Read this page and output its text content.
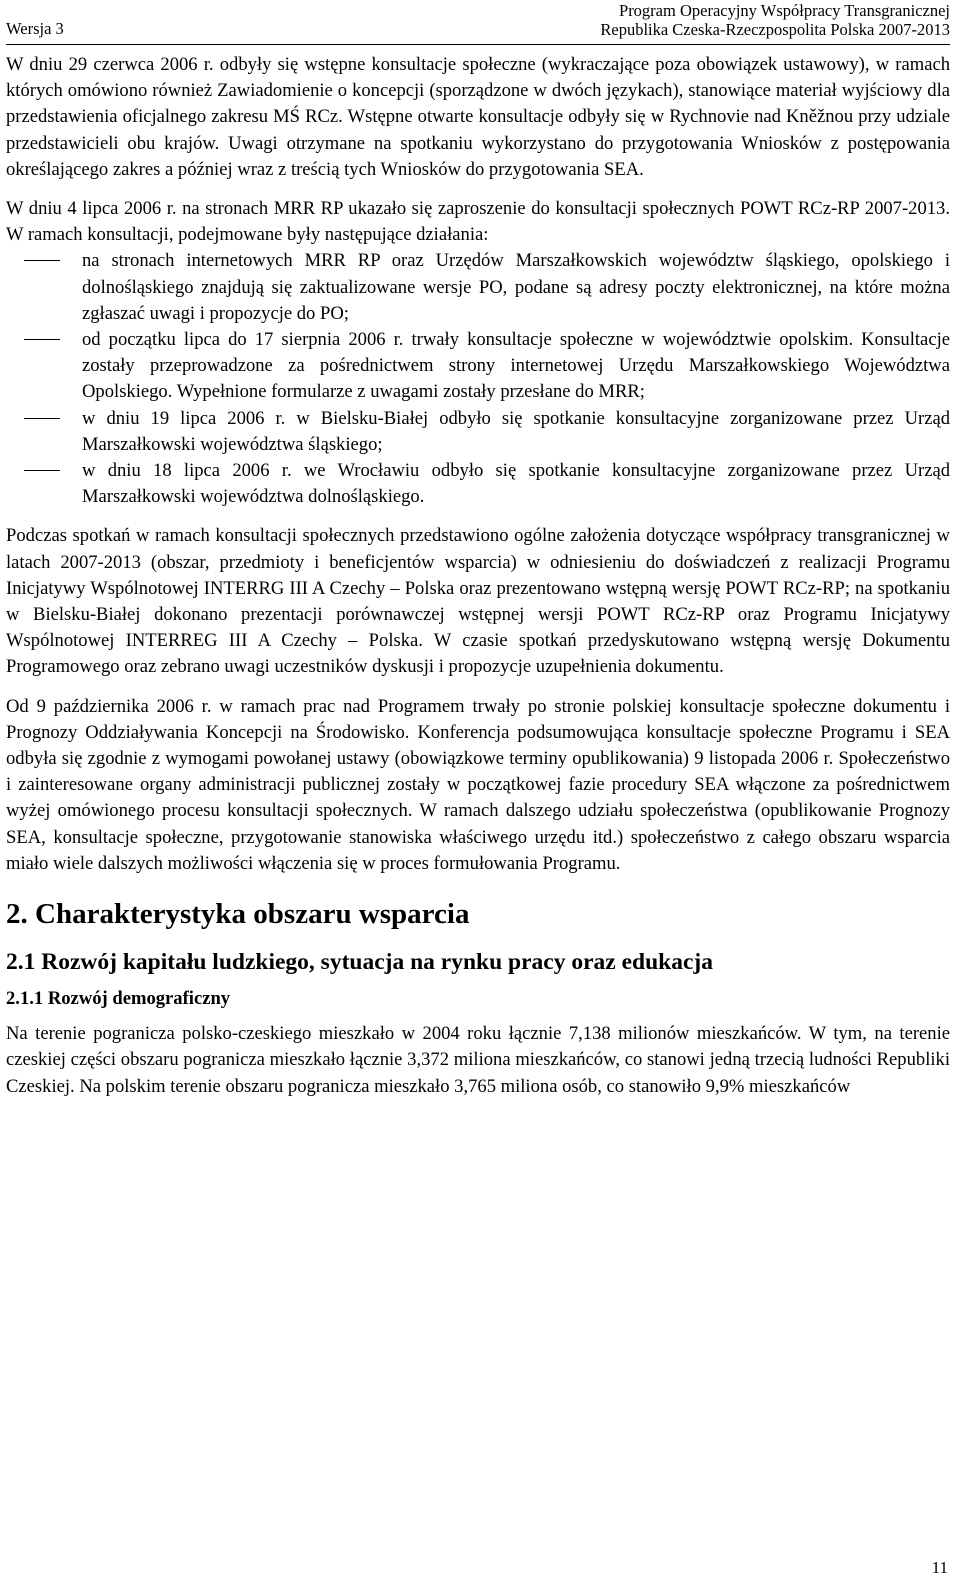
Wersja 3
Program Operacyjny Współpracy Transgranicznej
Republika Czeska-Rzeczpospolita Polska 2007-2013

W dniu 29 czerwca 2006 r. odbyły się wstępne konsultacje społeczne (wykraczające poza obowiązek ustawowy), w ramach których omówiono również Zawiadomienie o koncepcji (sporządzone w dwóch językach), stanowiące materiał wyjściowy dla przedstawienia oficjalnego zakresu MŚ RCz. Wstępne otwarte konsultacje odbyły się w Rychnovie nad Kněžnou przy udziale przedstawicieli obu krajów. Uwagi otrzymane na spotkaniu wykorzystano do przygotowania Wniosków z postępowania określającego zakres a później wraz z treścią tych Wniosków do przygotowania SEA.

W dniu 4 lipca 2006 r. na stronach MRR RP ukazało się zaproszenie do konsultacji społecznych POWT RCz-RP 2007-2013. W ramach konsultacji, podejmowane były następujące działania:

na stronach internetowych MRR RP oraz Urzędów Marszałkowskich województw śląskiego, opolskiego i dolnośląskiego znajdują się zaktualizowane wersje PO, podane są adresy poczty elektronicznej, na które można zgłaszać uwagi i propozycje do PO;
od początku lipca do 17 sierpnia 2006 r. trwały konsultacje społeczne w województwie opolskim. Konsultacje zostały przeprowadzone za pośrednictwem strony internetowej Urzędu Marszałkowskiego Województwa Opolskiego. Wypełnione formularze z uwagami zostały przesłane do MRR;
w dniu 19 lipca 2006 r. w Bielsku-Białej odbyło się spotkanie konsultacyjne zorganizowane przez Urząd Marszałkowski województwa śląskiego;
w dniu 18 lipca 2006 r. we Wrocławiu odbyło się spotkanie konsultacyjne zorganizowane przez Urząd Marszałkowski województwa dolnośląskiego.

Podczas spotkań w ramach konsultacji społecznych przedstawiono ogólne założenia dotyczące współpracy transgranicznej w latach 2007-2013 (obszar, przedmioty i beneficjentów wsparcia) w odniesieniu do doświadczeń z realizacji Programu Inicjatywy Wspólnotowej INTERRG III A Czechy – Polska oraz prezentowano wstępną wersję POWT RCz-RP; na spotkaniu w Bielsku-Białej dokonano prezentacji porównawczej wstępnej wersji POWT RCz-RP oraz Programu Inicjatywy Wspólnotowej INTERREG III A Czechy – Polska. W czasie spotkań przedyskutowano wstępną wersję Dokumentu Programowego oraz zebrano uwagi uczestników dyskusji i propozycje uzupełnienia dokumentu.

Od 9 października 2006 r. w ramach prac nad Programem trwały po stronie polskiej konsultacje społeczne dokumentu i Prognozy Oddziaływania Koncepcji na Środowisko. Konferencja podsumowująca konsultacje społeczne Programu i SEA odbyła się zgodnie z wymogami powołanej ustawy (obowiązkowe terminy opublikowania) 9 listopada 2006 r. Społeczeństwo i zainteresowane organy administracji publicznej zostały w początkowej fazie procedury SEA włączone za pośrednictwem wyżej omówionego procesu konsultacji społecznych. W ramach dalszego udziału społeczeństwa (opublikowanie Prognozy SEA, konsultacje społeczne, przygotowanie stanowiska właściwego urzędu itd.) społeczeństwo z całego obszaru wsparcia miało wiele dalszych możliwości włączenia się w proces formułowania Programu.

2. Charakterystyka obszaru wsparcia
2.1 Rozwój kapitału ludzkiego, sytuacja na rynku pracy oraz edukacja
2.1.1 Rozwój demograficzny

Na terenie pogranicza polsko-czeskiego mieszkało w 2004 roku łącznie 7,138 milionów mieszkańców. W tym, na terenie czeskiej części obszaru pogranicza mieszkało łącznie 3,372 miliona mieszkańców, co stanowi jedną trzecią ludności Republiki Czeskiej. Na polskim terenie obszaru pogranicza mieszkało 3,765 miliona osób, co stanowiło 9,9% mieszkańców

11
